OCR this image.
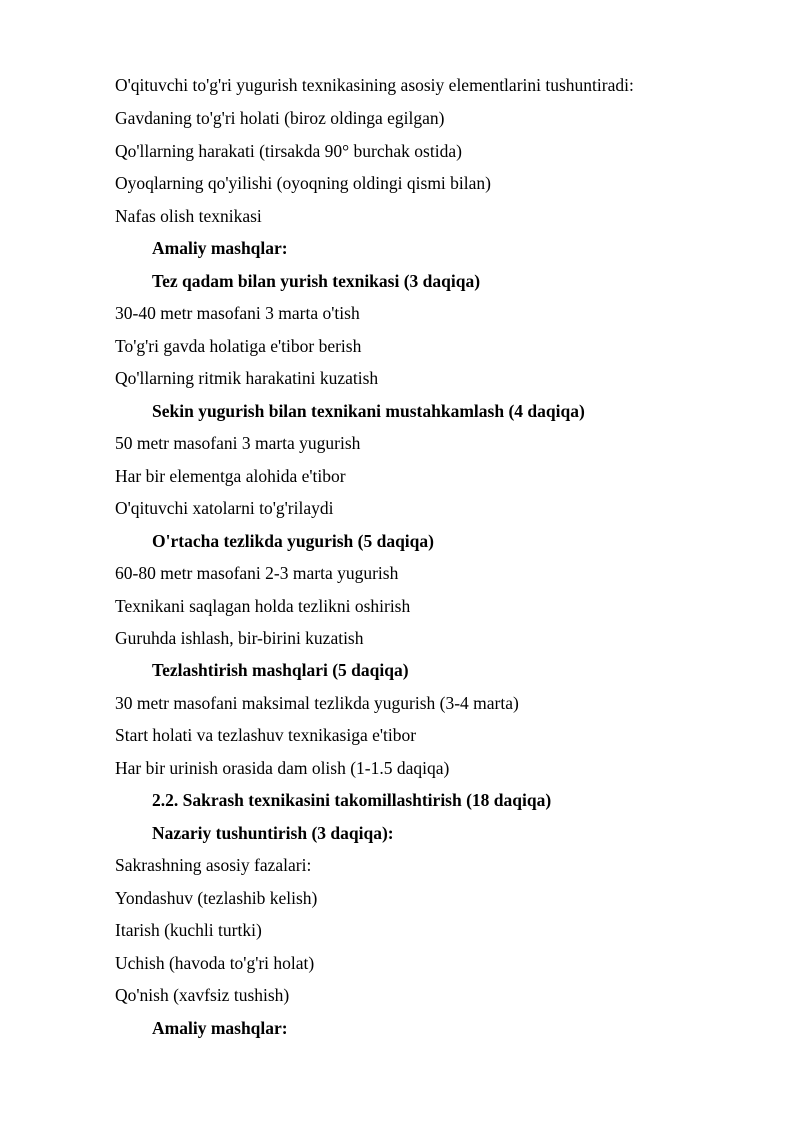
O'qituvchi to'g'ri yugurish texnikasining asosiy elementlarini tushuntiradi:
Gavdaning to'g'ri holati (biroz oldinga egilgan)
Qo'llarning harakati (tirsakda 90° burchak ostida)
Oyoqlarning qo'yilishi (oyoqning oldingi qismi bilan)
Nafas olish texnikasi
Amaliy mashqlar:
Tez qadam bilan yurish texnikasi (3 daqiqa)
30-40 metr masofani 3 marta o'tish
To'g'ri gavda holatiga e'tibor berish
Qo'llarning ritmik harakatini kuzatish
Sekin yugurish bilan texnikani mustahkamlash (4 daqiqa)
50 metr masofani 3 marta yugurish
Har bir elementga alohida e'tibor
O'qituvchi xatolarni to'g'rilaydi
O'rtacha tezlikda yugurish (5 daqiqa)
60-80 metr masofani 2-3 marta yugurish
Texnikani saqlagan holda tezlikni oshirish
Guruhda ishlash, bir-birini kuzatish
Tezlashtirish mashqlari (5 daqiqa)
30 metr masofani maksimal tezlikda yugurish (3-4 marta)
Start holati va tezlashuv texnikasiga e'tibor
Har bir urinish orasida dam olish (1-1.5 daqiqa)
2.2. Sakrash texnikasini takomillashtirish (18 daqiqa)
Nazariy tushuntirish (3 daqiqa):
Sakrashning asosiy fazalari:
Yondashuv (tezlashib kelish)
Itarish (kuchli turtki)
Uchish (havoda to'g'ri holat)
Qo'nish (xavfsiz tushish)
Amaliy mashqlar:
